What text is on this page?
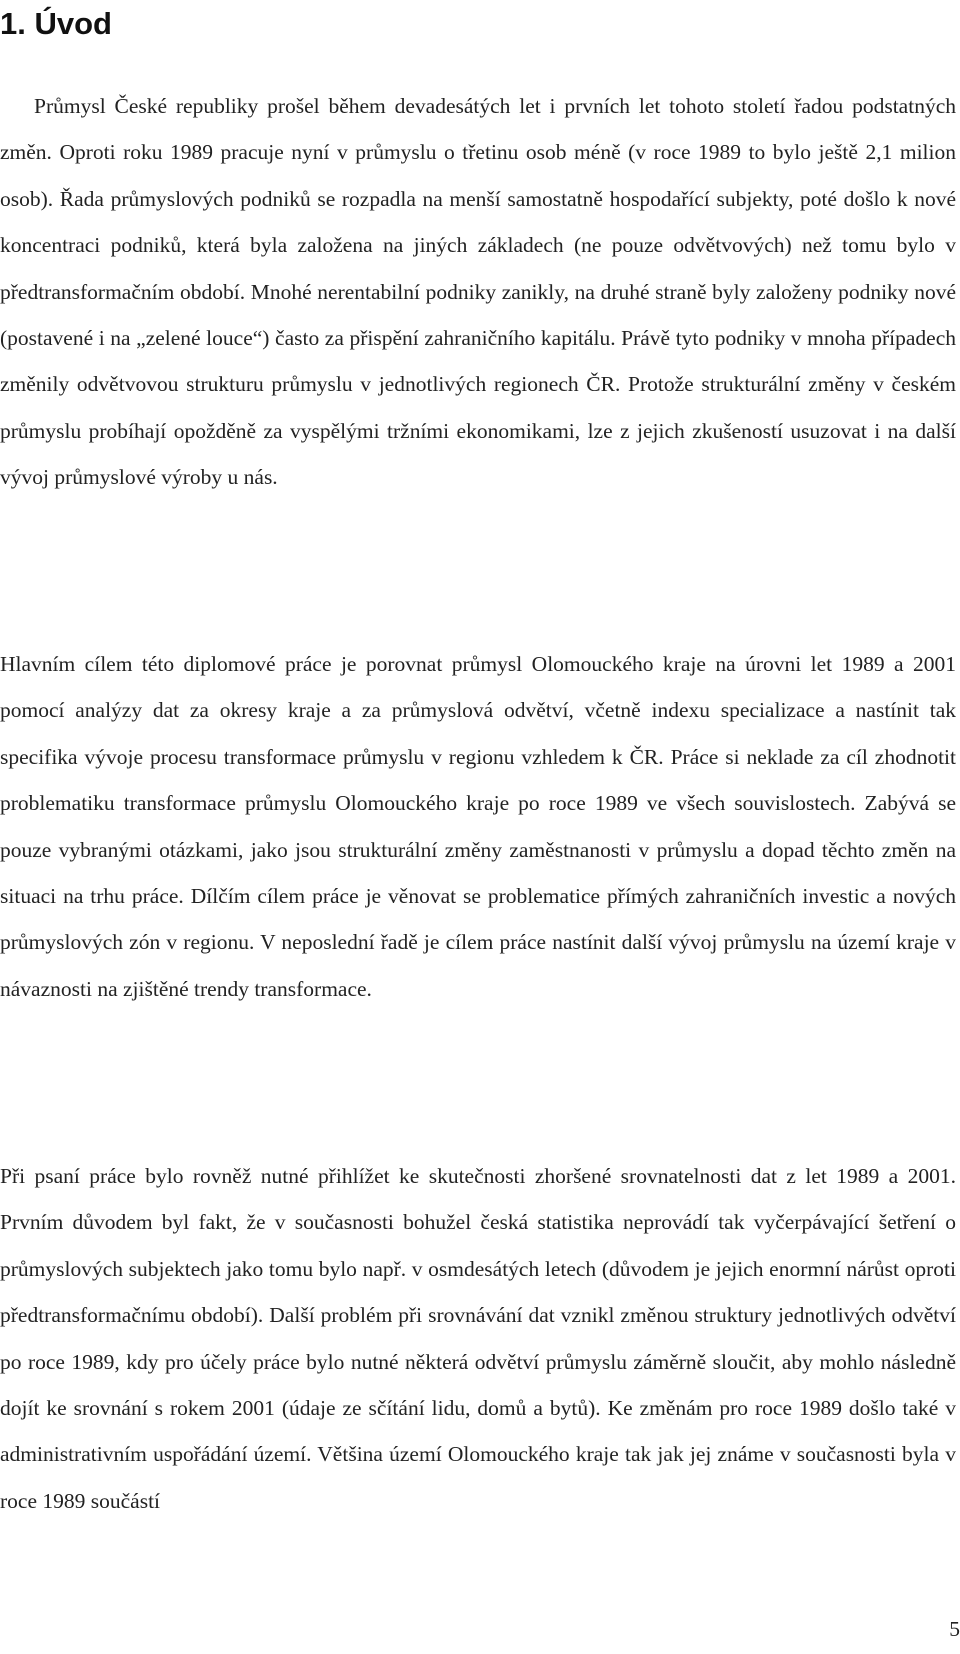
1. Úvod

Průmysl České republiky prošel během devadesátých let i prvních let tohoto století řadou podstatných změn. Oproti roku 1989 pracuje nyní v průmyslu o třetinu osob méně (v roce 1989 to bylo ještě 2,1 milion osob). Řada průmyslových podniků se rozpadla na menší samostatně hospodařící subjekty, poté došlo k nové koncentraci podniků, která byla založena na jiných základech (ne pouze odvětvových) než tomu bylo v předtransformačním období. Mnohé nerentabilní podniky zanikly, na druhé straně byly založeny podniky nové (postavené i na „zelené louce“) často za přispění zahraničního kapitálu. Právě tyto podniky v mnoha případech změnily odvětvovou strukturu průmyslu v jednotlivých regionech ČR. Protože strukturální změny v českém průmyslu probíhají opožděně za vyspělými tržními ekonomikami, lze z jejich zkušeností usuzovat i na další vývoj průmyslové výroby u nás.

Hlavním cílem této diplomové práce je porovnat průmysl Olomouckého kraje na úrovni let 1989 a 2001 pomocí analýzy dat za okresy kraje a za průmyslová odvětví, včetně indexu specializace a nastínit tak specifika vývoje procesu transformace průmyslu v regionu vzhledem k ČR. Práce si neklade za cíl zhodnotit problematiku transformace průmyslu Olomouckého kraje po roce 1989 ve všech souvislostech. Zabývá se pouze vybranými otázkami, jako jsou strukturální změny zaměstnanosti v průmyslu a dopad těchto změn na situaci na trhu práce. Dílčím cílem práce je věnovat se problematice přímých zahraničních investic a nových průmyslových zón v regionu. V neposlední řadě je cílem práce nastínit další vývoj průmyslu na území kraje v návaznosti na zjištěné trendy transformace.

Při psaní práce bylo rovněž nutné přihlížet ke skutečnosti zhoršené srovnatelnosti dat z let 1989 a 2001. Prvním důvodem byl fakt, že v současnosti bohužel česká statistika neprovádí tak vyčerpávající šetření o průmyslových subjektech jako tomu bylo např. v osmdesátých letech (důvodem je jejich enormní nárůst oproti předtransformačnímu období). Další problém při srovnávání dat vznikl změnou struktury jednotlivých odvětví po roce 1989, kdy pro účely práce bylo nutné některá odvětví průmyslu záměrně sloučit, aby mohlo následně dojít ke srovnání s rokem 2001 (údaje ze sčítání lidu, domů a bytů). Ke změnám pro roce 1989 došlo také v administrativním uspořádání území. Většina území Olomouckého kraje tak jak jej známe v současnosti byla v roce 1989 součástí

5
